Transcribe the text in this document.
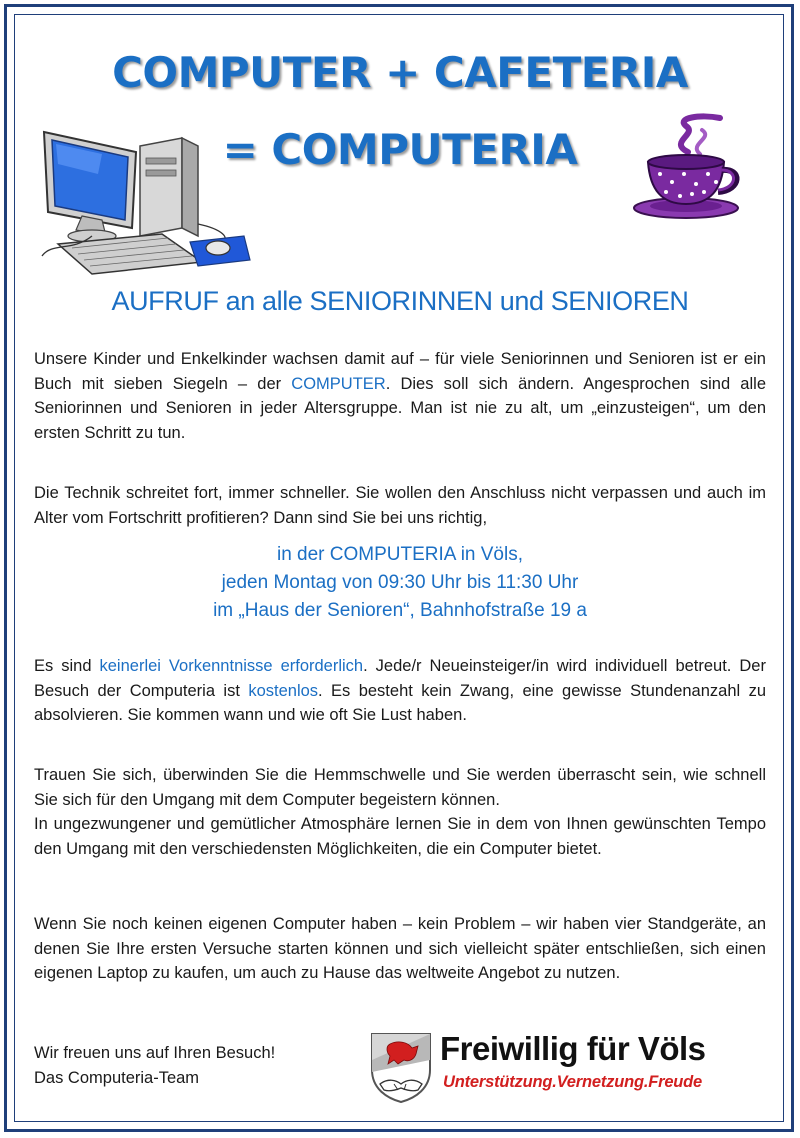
COMPUTER + CAFETERIA
= COMPUTERIA
AUFRUF an alle SENIORINNEN und SENIOREN
Unsere Kinder und Enkelkinder wachsen damit auf – für viele Seniorinnen und Senioren ist er ein Buch mit sieben Siegeln – der COMPUTER. Dies soll sich ändern. Angesprochen sind alle Seniorinnen und Senioren in jeder Altersgruppe. Man ist nie zu alt, um „einzusteigen“, um den ersten Schritt zu tun.
Die Technik schreitet fort, immer schneller. Sie wollen den Anschluss nicht verpassen und auch im Alter vom Fortschritt profitieren? Dann sind Sie bei uns richtig,
in der COMPUTERIA in Völs,
jeden Montag von 09:30 Uhr bis 11:30 Uhr
im „Haus der Senioren“, Bahnhofstraße 19 a
Es sind keinerlei Vorkenntnisse erforderlich. Jede/r Neueinsteiger/in wird individuell betreut. Der Besuch der Computeria ist kostenlos. Es besteht kein Zwang, eine gewisse Stundenanzahl zu absolvieren. Sie kommen wann und wie oft Sie Lust haben.

Trauen Sie sich, überwinden Sie die Hemmschwelle und Sie werden überrascht sein, wie schnell Sie sich für den Umgang mit dem Computer begeistern können.

In ungezwungener und gemütlicher Atmosphäre lernen Sie in dem von Ihnen gewünschten Tempo den Umgang mit den verschiedensten Möglichkeiten, die ein Computer bietet.

Wenn Sie noch keinen eigenen Computer haben – kein Problem – wir haben vier Standgeräte, an denen Sie Ihre ersten Versuche starten können und sich vielleicht später entschließen, sich einen eigenen Laptop zu kaufen, um auch zu Hause das weltweite Angebot zu nutzen.
Wir freuen uns auf Ihren Besuch!
Das Computeria-Team
Freiwillig für Völs
Unterstützung.Vernetzung.Freude
